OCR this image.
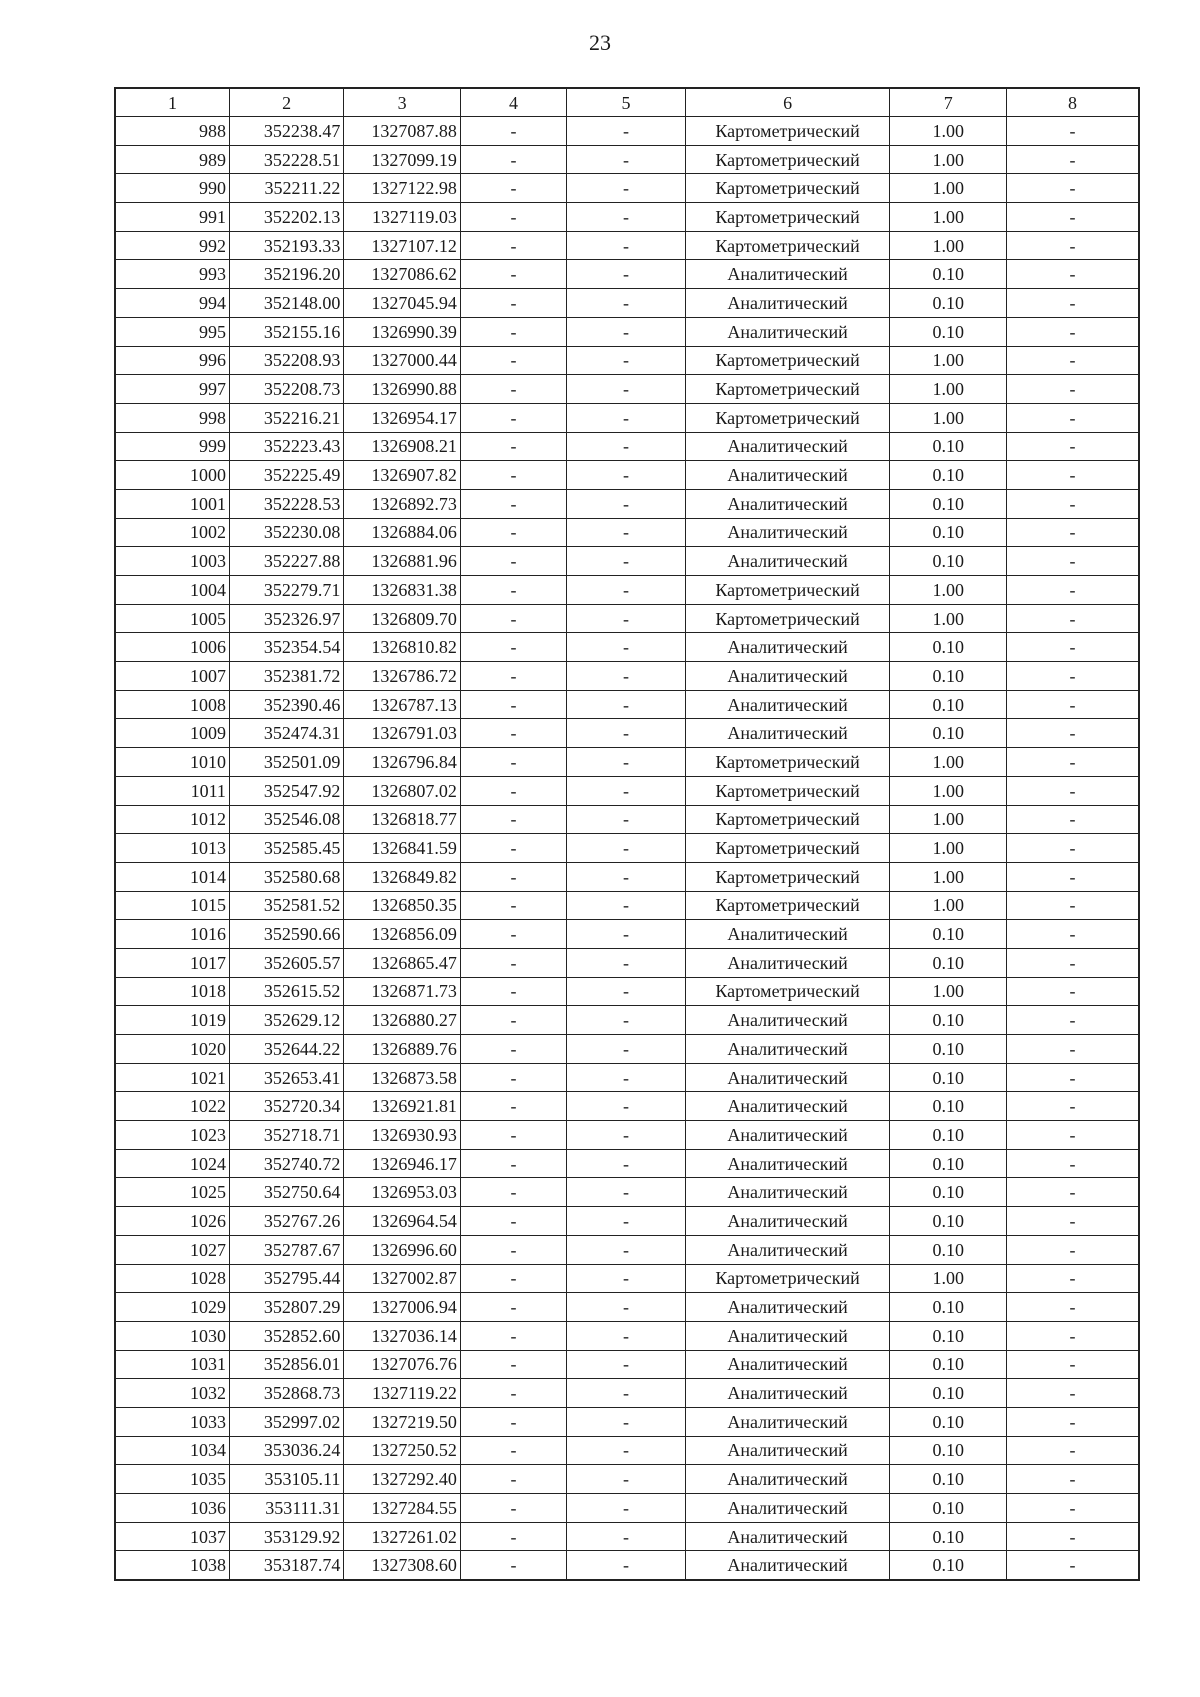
23
1	2	3	4	5	6	7	8
988	352238.47	1327087.88	-	-	Картометрический	1.00	-
989	352228.51	1327099.19	-	-	Картометрический	1.00	-
990	352211.22	1327122.98	-	-	Картометрический	1.00	-
991	352202.13	1327119.03	-	-	Картометрический	1.00	-
992	352193.33	1327107.12	-	-	Картометрический	1.00	-
993	352196.20	1327086.62	-	-	Аналитический	0.10	-
994	352148.00	1327045.94	-	-	Аналитический	0.10	-
995	352155.16	1326990.39	-	-	Аналитический	0.10	-
996	352208.93	1327000.44	-	-	Картометрический	1.00	-
997	352208.73	1326990.88	-	-	Картометрический	1.00	-
998	352216.21	1326954.17	-	-	Картометрический	1.00	-
999	352223.43	1326908.21	-	-	Аналитический	0.10	-
1000	352225.49	1326907.82	-	-	Аналитический	0.10	-
1001	352228.53	1326892.73	-	-	Аналитический	0.10	-
1002	352230.08	1326884.06	-	-	Аналитический	0.10	-
1003	352227.88	1326881.96	-	-	Аналитический	0.10	-
1004	352279.71	1326831.38	-	-	Картометрический	1.00	-
1005	352326.97	1326809.70	-	-	Картометрический	1.00	-
1006	352354.54	1326810.82	-	-	Аналитический	0.10	-
1007	352381.72	1326786.72	-	-	Аналитический	0.10	-
1008	352390.46	1326787.13	-	-	Аналитический	0.10	-
1009	352474.31	1326791.03	-	-	Аналитический	0.10	-
1010	352501.09	1326796.84	-	-	Картометрический	1.00	-
1011	352547.92	1326807.02	-	-	Картометрический	1.00	-
1012	352546.08	1326818.77	-	-	Картометрический	1.00	-
1013	352585.45	1326841.59	-	-	Картометрический	1.00	-
1014	352580.68	1326849.82	-	-	Картометрический	1.00	-
1015	352581.52	1326850.35	-	-	Картометрический	1.00	-
1016	352590.66	1326856.09	-	-	Аналитический	0.10	-
1017	352605.57	1326865.47	-	-	Аналитический	0.10	-
1018	352615.52	1326871.73	-	-	Картометрический	1.00	-
1019	352629.12	1326880.27	-	-	Аналитический	0.10	-
1020	352644.22	1326889.76	-	-	Аналитический	0.10	-
1021	352653.41	1326873.58	-	-	Аналитический	0.10	-
1022	352720.34	1326921.81	-	-	Аналитический	0.10	-
1023	352718.71	1326930.93	-	-	Аналитический	0.10	-
1024	352740.72	1326946.17	-	-	Аналитический	0.10	-
1025	352750.64	1326953.03	-	-	Аналитический	0.10	-
1026	352767.26	1326964.54	-	-	Аналитический	0.10	-
1027	352787.67	1326996.60	-	-	Аналитический	0.10	-
1028	352795.44	1327002.87	-	-	Картометрический	1.00	-
1029	352807.29	1327006.94	-	-	Аналитический	0.10	-
1030	352852.60	1327036.14	-	-	Аналитический	0.10	-
1031	352856.01	1327076.76	-	-	Аналитический	0.10	-
1032	352868.73	1327119.22	-	-	Аналитический	0.10	-
1033	352997.02	1327219.50	-	-	Аналитический	0.10	-
1034	353036.24	1327250.52	-	-	Аналитический	0.10	-
1035	353105.11	1327292.40	-	-	Аналитический	0.10	-
1036	353111.31	1327284.55	-	-	Аналитический	0.10	-
1037	353129.92	1327261.02	-	-	Аналитический	0.10	-
1038	353187.74	1327308.60	-	-	Аналитический	0.10	-
